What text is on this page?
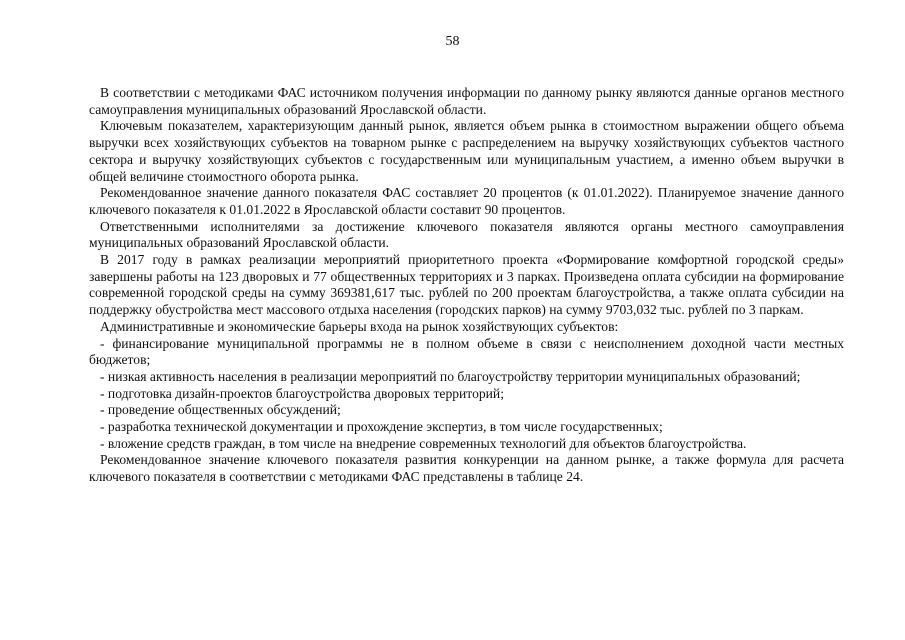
58

В соответствии с методиками ФАС источником получения информации по данному рынку являются данные органов местного самоуправления муниципальных образований Ярославской области.

Ключевым показателем, характеризующим данный рынок, является объем рынка в стоимостном выражении общего объема выручки всех хозяйствующих субъектов на товарном рынке с распределением на выручку хозяйствующих субъектов частного сектора и выручку хозяйствующих субъектов с государственным или муниципальным участием, а именно объем выручки в общей величине стоимостного оборота рынка.

Рекомендованное значение данного показателя ФАС составляет 20 процентов (к 01.01.2022). Планируемое значение данного ключевого показателя к 01.01.2022 в Ярославской области составит 90 процентов.

Ответственными исполнителями за достижение ключевого показателя являются органы местного самоуправления муниципальных образований Ярославской области.

В 2017 году в рамках реализации мероприятий приоритетного проекта «Формирование комфортной городской среды» завершены работы на 123 дворовых и 77 общественных территориях и 3 парках. Произведена оплата субсидии на формирование современной городской среды на сумму 369381,617 тыс. рублей по 200 проектам благоустройства, а также оплата субсидии на поддержку обустройства мест массового отдыха населения (городских парков) на сумму 9703,032 тыс. рублей по 3 паркам.

Административные и экономические барьеры входа на рынок хозяйствующих субъектов:

- финансирование муниципальной программы не в полном объеме в связи с неисполнением доходной части местных бюджетов;

- низкая активность населения в реализации мероприятий по благоустройству территории муниципальных образований;

- подготовка дизайн-проектов благоустройства дворовых территорий;

- проведение общественных обсуждений;

- разработка технической документации и прохождение экспертиз, в том числе государственных;

- вложение средств граждан, в том числе на внедрение современных технологий для объектов благоустройства.

Рекомендованное значение ключевого показателя развития конкуренции на данном рынке, а также формула для расчета ключевого показателя в соответствии с методиками ФАС представлены в таблице 24.
